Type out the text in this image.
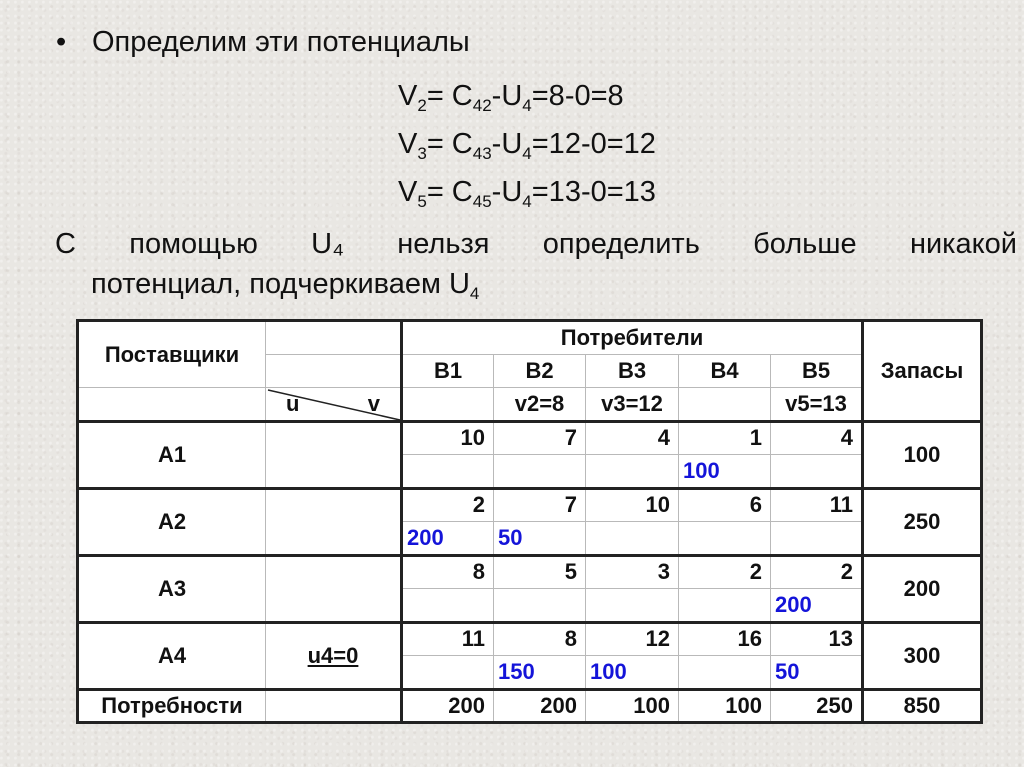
• Определим эти потенциалы
$V_2= C_{42}-U_4=8-0=8$
$V_3= C_{43}-U_4=12-0=12$
$V_5= C_{45}-U_4=13-0=13$
С помощью U₄ нельзя определить больше никакой
потенциал, подчеркиваем $U_4$
Поставщики		Потребители					Запасы
		B1	B2	B3	B4	B5	

	u v		v2=8	v3=12		v5=13	
A1		10	7	4	1	4	100
					100		
A2		2	7	10	6	11	250
		200	50				
A3		8	5	3	2	2	200
						200	
A4	u4=0	11	8	12	16	13	300
			150	100		50	
Потребности		200	200	100	100	250	850
